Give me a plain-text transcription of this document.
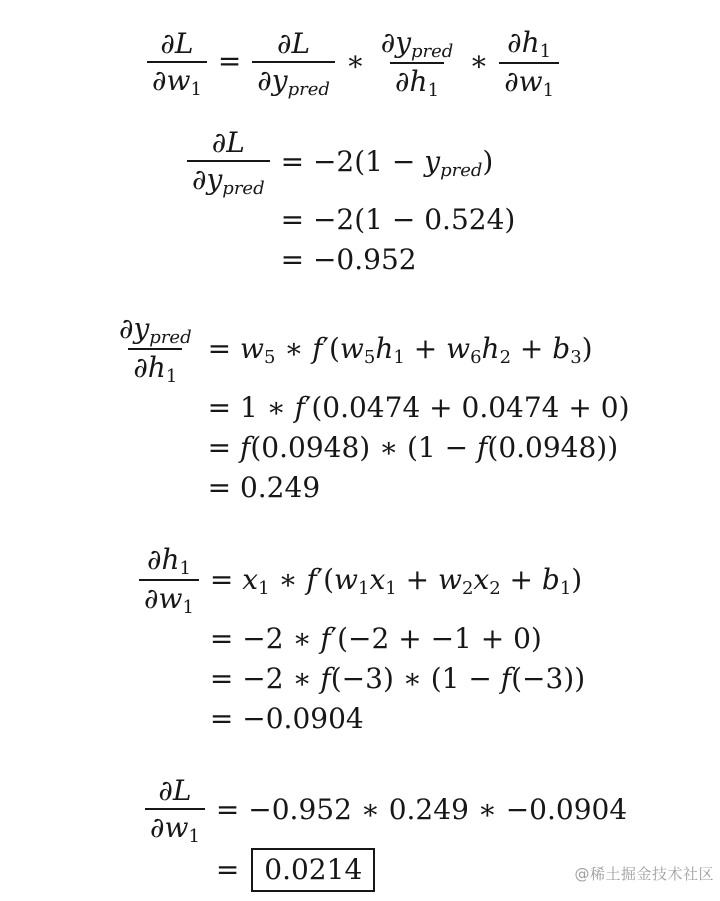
$\frac{\partial L}{\partial w1} = \frac{\partial L}{\text{∂ypred}}$ ∗ $\frac{\text{∂ypred}}{\partial h1}$ ∗ $\frac{\partial h1}{\partial w1}$
$\frac{\partial L}{\text{∂ypred}} = -2(1$ − ypred)
= −2(1 − 0.524)
= −0.952
$\frac{\text{∂ypred}}{\partial h1} = w5$ ∗ f′(w5h1 + w6h2 + b3)
= 1 ∗ f′(0.0474 + 0.0474 + 0)
= f(0.0948) ∗ (1 − f(0.0948))
= 0.249
$\frac{\partial h1}{\partial w1} = x1$ ∗ f′(w1x1 + w2x2 + b1)
= −2 ∗ f′(−2 + −1 + 0)
= −2 ∗ f(−3) ∗ (1 − f(−3))
= −0.0904
$\frac{\partial L}{\partial w1} = -0.952$ ∗ 0.249 ∗ −0.0904
= 0.0214	@稀土掘金技术社区
